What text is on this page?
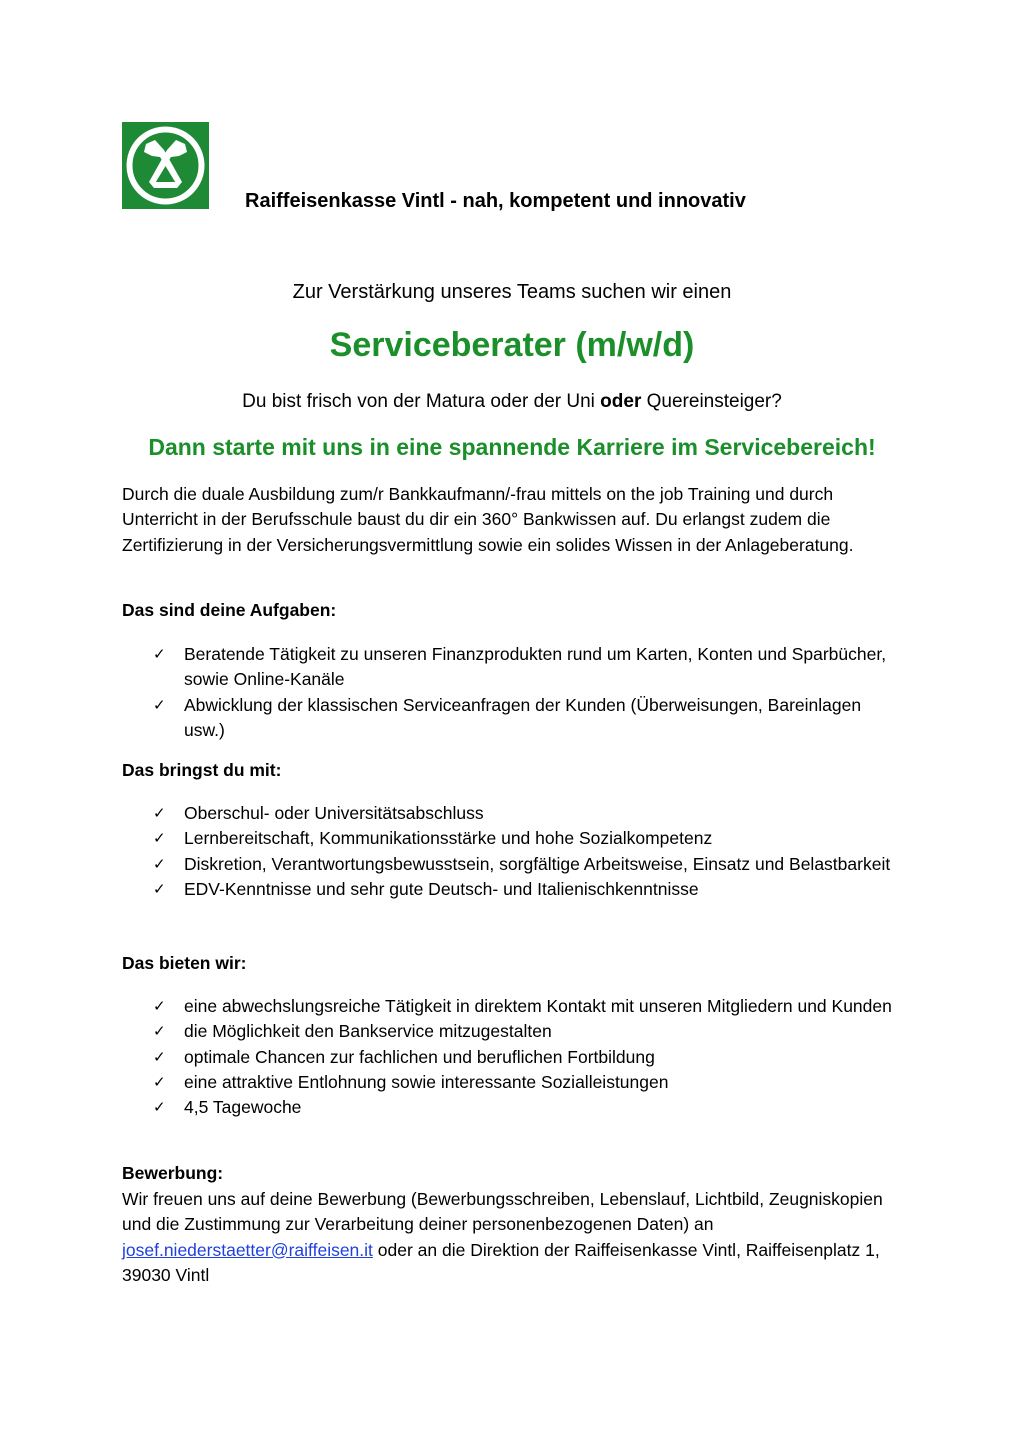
Raiffeisenkasse Vintl - nah, kompetent und innovativ
Zur Verstärkung unseres Teams suchen wir einen
Serviceberater (m/w/d)
Du bist frisch von der Matura oder der Uni oder Quereinsteiger?
Dann starte mit uns in eine spannende Karriere im Servicebereich!
Durch die duale Ausbildung zum/r Bankkaufmann/-frau mittels on the job Training und durch Unterricht in der Berufsschule baust du dir ein 360° Bankwissen auf. Du erlangst zudem die Zertifizierung in der Versicherungsvermittlung sowie ein solides Wissen in der Anlageberatung.
Das sind deine Aufgaben:
✓ Beratende Tätigkeit zu unseren Finanzprodukten rund um Karten, Konten und Sparbücher, sowie Online-Kanäle
✓ Abwicklung der klassischen Serviceanfragen der Kunden (Überweisungen, Bareinlagen usw.)
Das bringst du mit:
✓ Oberschul- oder Universitätsabschluss
✓ Lernbereitschaft, Kommunikationsstärke und hohe Sozialkompetenz
✓ Diskretion, Verantwortungsbewusstsein, sorgfältige Arbeitsweise, Einsatz und Belastbarkeit
✓ EDV-Kenntnisse und sehr gute Deutsch- und Italienischkenntnisse
Das bieten wir:
✓ eine abwechslungsreiche Tätigkeit in direktem Kontakt mit unseren Mitgliedern und Kunden
✓ die Möglichkeit den Bankservice mitzugestalten
✓ optimale Chancen zur fachlichen und beruflichen Fortbildung
✓ eine attraktive Entlohnung sowie interessante Sozialleistungen
✓ 4,5 Tagewoche
Bewerbung:
Wir freuen uns auf deine Bewerbung (Bewerbungsschreiben, Lebenslauf, Lichtbild, Zeugniskopien und die Zustimmung zur Verarbeitung deiner personenbezogenen Daten) an josef.niederstaetter@raiffeisen.it oder an die Direktion der Raiffeisenkasse Vintl, Raiffeisenplatz 1, 39030 Vintl
